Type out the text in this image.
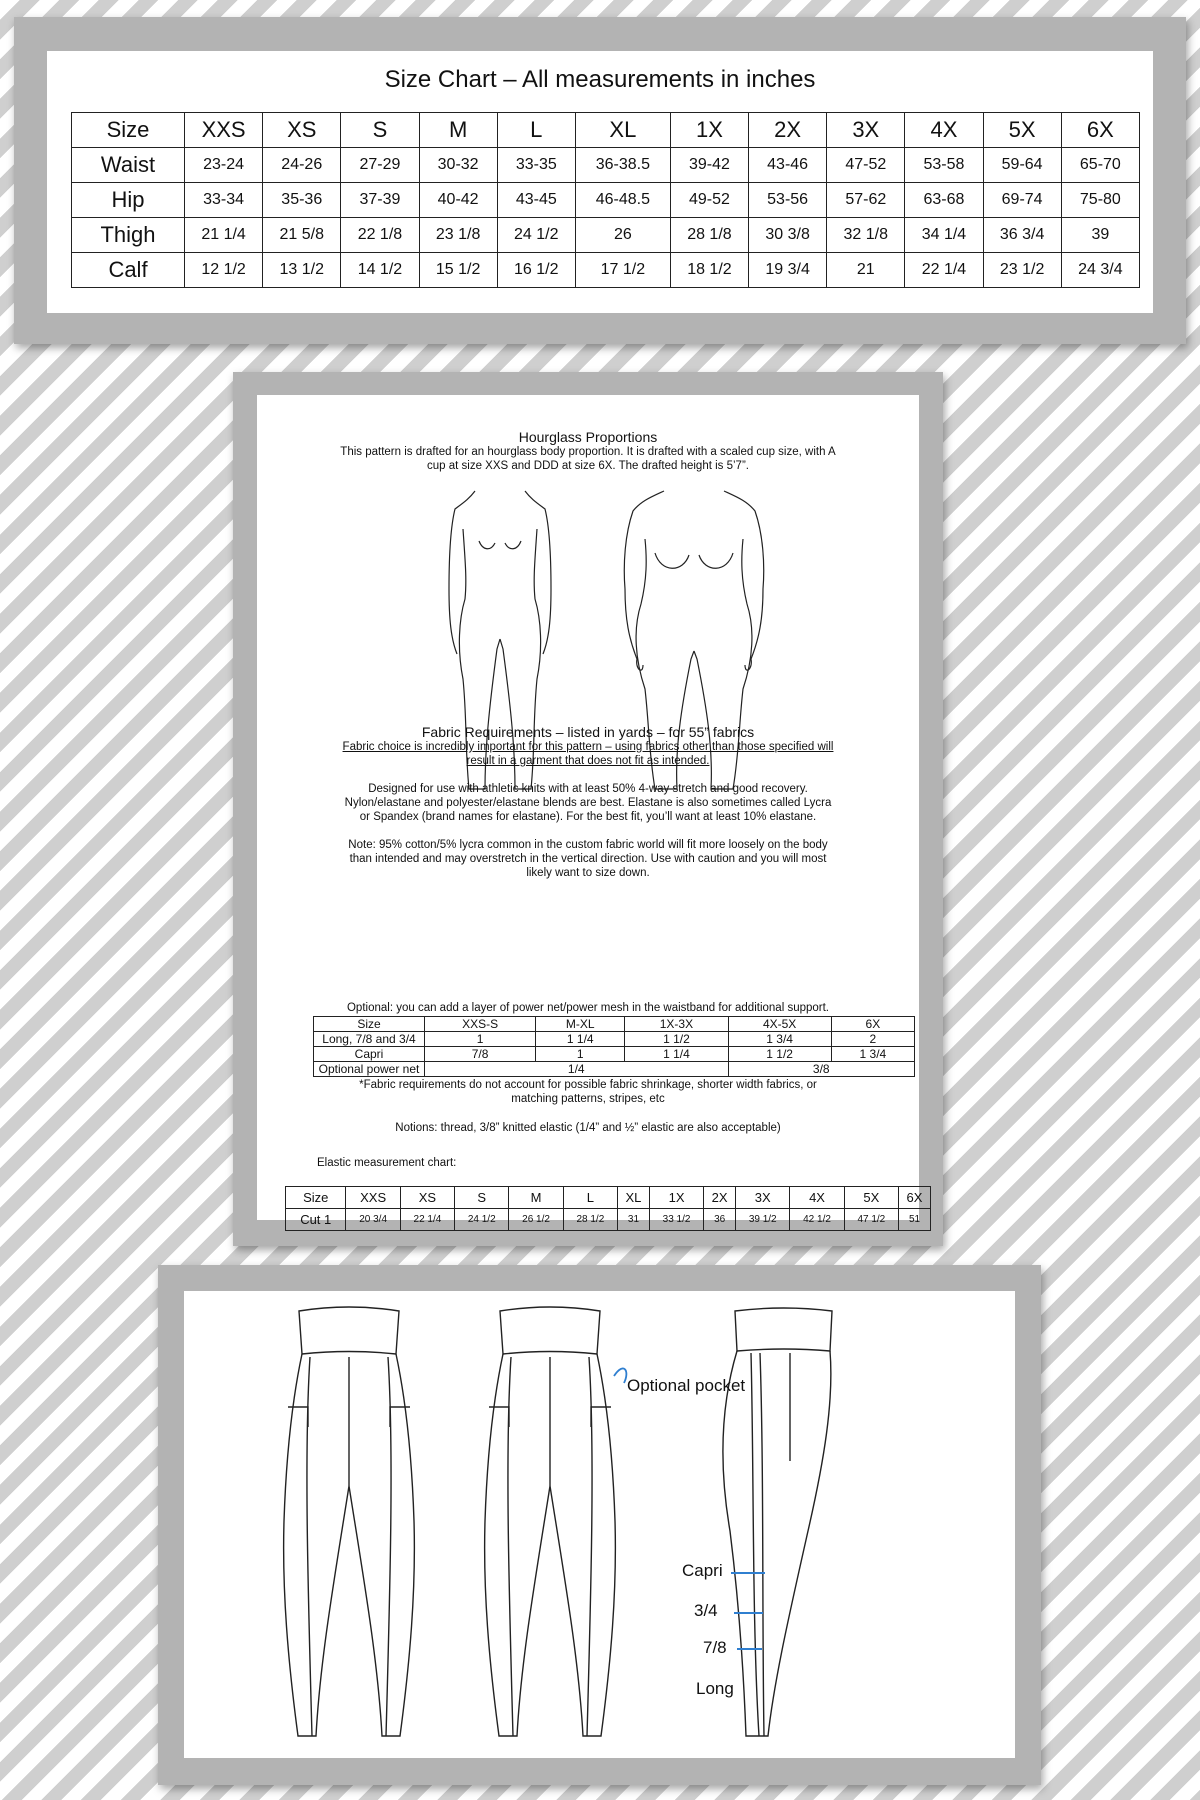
Size Chart – All measurements in inches
Size	XXS	XS	S	M	L	XL	1X	2X	3X	4X	5X	6X
Waist	23-24	24-26	27-29	30-32	33-35	36-38.5	39-42	43-46	47-52	53-58	59-64	65-70
Hip	33-34	35-36	37-39	40-42	43-45	46-48.5	49-52	53-56	57-62	63-68	69-74	75-80
Thigh	21 1/4	21 5/8	22 1/8	23 1/8	24 1/2	26	28 1/8	30 3/8	32 1/8	34 1/4	36 3/4	39
Calf	12 1/2	13 1/2	14 1/2	15 1/2	16 1/2	17 1/2	18 1/2	19 3/4	21	22 1/4	23 1/2	24 3/4
Hourglass Proportions
This pattern is drafted for an hourglass body proportion. It is drafted with a scaled cup size, with A
cup at size XXS and DDD at size 6X. The drafted height is 5’7”.
Fabric Requirements – listed in yards – for 55” fabrics
Fabric choice is incredibly important for this pattern – using fabrics other than those specified will
result in a garment that does not fit as intended.
Designed for use with athletic knits with at least 50% 4-way stretch and good recovery.
Nylon/elastane and polyester/elastane blends are best. Elastane is also sometimes called Lycra
or Spandex (brand names for elastane). For the best fit, you’ll want at least 10% elastane.
Note: 95% cotton/5% lycra common in the custom fabric world will fit more loosely on the body
than intended and may overstretch in the vertical direction. Use with caution and you will most
likely want to size down.
Optional: you can add a layer of power net/power mesh in the waistband for additional support.
Size	XXS-S	M-XL	1X-3X	4X-5X	6X
Long, 7/8 and 3/4	1	1 1/4	1 1/2	1 3/4	2
Capri	7/8	1	1 1/4	1 1/2	1 3/4
Optional power net	1/4			3/8	
*Fabric requirements do not account for possible fabric shrinkage, shorter width fabrics, or
matching patterns, stripes, etc
Notions: thread, 3/8” knitted elastic (1/4” and ½” elastic are also acceptable)
Elastic measurement chart:
Size	XXS	XS	S	M	L	XL	1X	2X	3X	4X	5X	6X
Cut 1	20 3/4	22 1/4	24 1/2	26 1/2	28 1/2	31	33 1/2	36	39 1/2	42 1/2	47 1/2	51
Optional pocket
Capri
3/4
7/8
Long
